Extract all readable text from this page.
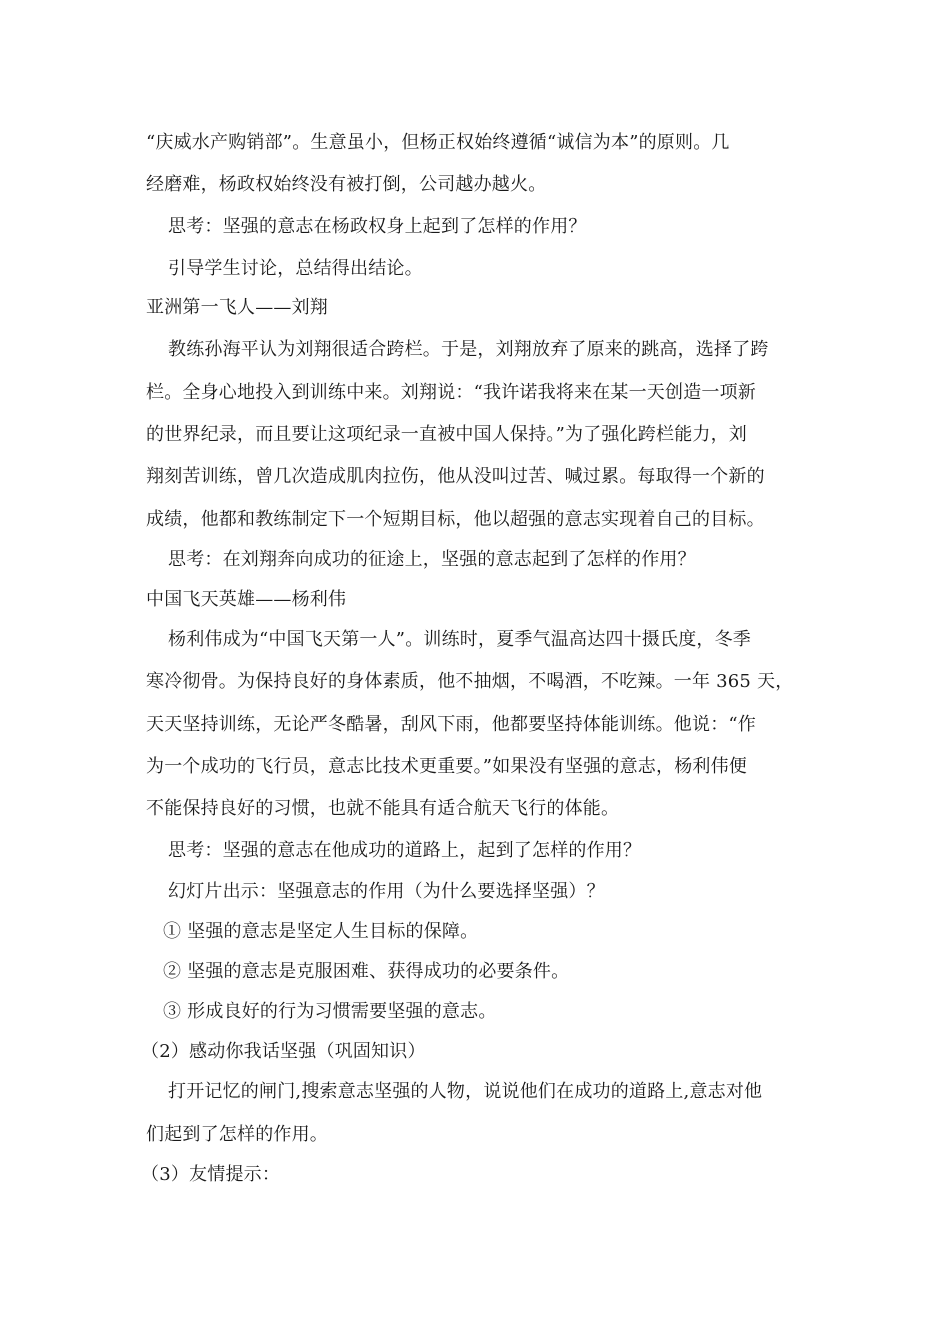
“庆威水产购销部”。生意虽小，但杨正权始终遵循“诚信为本”的原则。几
经磨难，杨政权始终没有被打倒，公司越办越火。
思考：坚强的意志在杨政权身上起到了怎样的作用？
引导学生讨论，总结得出结论。
亚洲第一飞人——刘翔
教练孙海平认为刘翔很适合跨栏。于是，刘翔放弃了原来的跳高，选择了跨
栏。全身心地投入到训练中来。刘翔说：“我许诺我将来在某一天创造一项新
的世界纪录，而且要让这项纪录一直被中国人保持。”为了强化跨栏能力，刘
翔刻苦训练，曾几次造成肌肉拉伤，他从没叫过苦、喊过累。每取得一个新的
成绩，他都和教练制定下一个短期目标，他以超强的意志实现着自己的目标。
思考：在刘翔奔向成功的征途上，坚强的意志起到了怎样的作用？
中国飞天英雄——杨利伟
杨利伟成为“中国飞天第一人”。训练时，夏季气温高达四十摄氏度，冬季
寒冷彻骨。为保持良好的身体素质，他不抽烟，不喝酒，不吃辣。一年 365 天，
天天坚持训练，无论严冬酷暑，刮风下雨，他都要坚持体能训练。他说：“作
为一个成功的飞行员，意志比技术更重要。”如果没有坚强的意志，杨利伟便
不能保持良好的习惯，也就不能具有适合航天飞行的体能。
思考：坚强的意志在他成功的道路上，起到了怎样的作用？
幻灯片出示：坚强意志的作用（为什么要选择坚强）？
① 坚强的意志是坚定人生目标的保障。
② 坚强的意志是克服困难、获得成功的必要条件。
③ 形成良好的行为习惯需要坚强的意志。
（2）感动你我话坚强（巩固知识）
打开记忆的闸门,搜索意志坚强的人物，说说他们在成功的道路上,意志对他
们起到了怎样的作用。
（3）友情提示：
